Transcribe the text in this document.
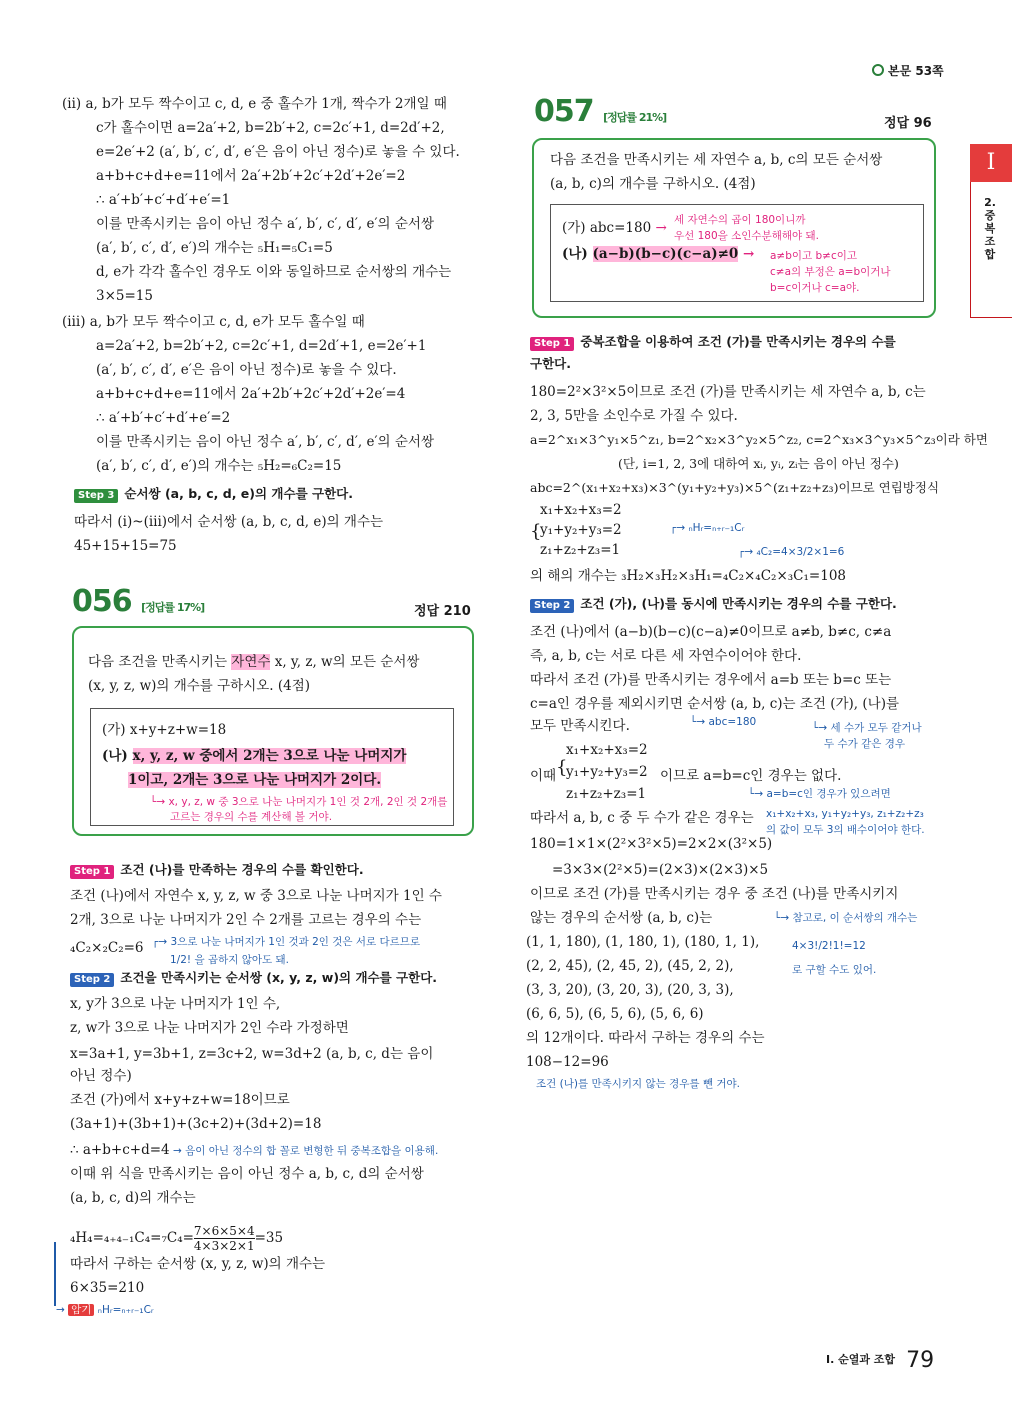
본문 53쪽
I
2.
중
복
조
합
(ⅱ) a, b가 모두 짝수이고 c, d, e 중 홀수가 1개, 짝수가 2개일 때
c가 홀수이면 a=2a′+2, b=2b′+2, c=2c′+1, d=2d′+2,
e=2e′+2 (a′, b′, c′, d′, e′은 음이 아닌 정수)로 놓을 수 있다.
a+b+c+d+e=11에서 2a′+2b′+2c′+2d′+2e′=2
∴ a′+b′+c′+d′+e′=1
이를 만족시키는 음이 아닌 정수 a′, b′, c′, d′, e′의 순서쌍
(a′, b′, c′, d′, e′)의 개수는 ₅H₁=₅C₁=5
d, e가 각각 홀수인 경우도 이와 동일하므로 순서쌍의 개수는
3×5=15
(ⅲ) a, b가 모두 짝수이고 c, d, e가 모두 홀수일 때
a=2a′+2, b=2b′+2, c=2c′+1, d=2d′+1, e=2e′+1
(a′, b′, c′, d′, e′은 음이 아닌 정수)로 놓을 수 있다.
a+b+c+d+e=11에서 2a′+2b′+2c′+2d′+2e′=4
∴ a′+b′+c′+d′+e′=2
이를 만족시키는 음이 아닌 정수 a′, b′, c′, d′, e′의 순서쌍
(a′, b′, c′, d′, e′)의 개수는 ₅H₂=₆C₂=15
Step 3 순서쌍 (a, b, c, d, e)의 개수를 구한다.
따라서 (ⅰ)~(ⅲ)에서 순서쌍 (a, b, c, d, e)의 개수는
45+15+15=75
056 [정답률 17%]	정답 210
다음 조건을 만족시키는 자연수 x, y, z, w의 모든 순서쌍
(x, y, z, w)의 개수를 구하시오. (4점)
(가) x+y+z+w=18
(나) x, y, z, w 중에서 2개는 3으로 나눈 나머지가
1이고, 2개는 3으로 나눈 나머지가 2이다.
└→ x, y, z, w 중 3으로 나눈 나머지가 1인 것 2개, 2인 것 2개를
고르는 경우의 수를 계산해 볼 거야.
Step 1 조건 (나)를 만족하는 경우의 수를 확인한다.
조건 (나)에서 자연수 x, y, z, w 중 3으로 나눈 나머지가 1인 수
2개, 3으로 나눈 나머지가 2인 수 2개를 고르는 경우의 수는
₄C₂×₂C₂=6 ┌→ 3으로 나눈 나머지가 1인 것과 2인 것은 서로 다르므로
1/2! 을 곱하지 않아도 돼.
Step 2 조건을 만족시키는 순서쌍 (x, y, z, w)의 개수를 구한다.
x, y가 3으로 나눈 나머지가 1인 수,
z, w가 3으로 나눈 나머지가 2인 수라 가정하면
x=3a+1, y=3b+1, z=3c+2, w=3d+2 (a, b, c, d는 음이
아닌 정수)
조건 (가)에서 x+y+z+w=18이므로
(3a+1)+(3b+1)+(3c+2)+(3d+2)=18
∴ a+b+c+d=4 → 음이 아닌 정수의 합 꼴로 변형한 뒤 중복조합을 이용해.
이때 위 식을 만족시키는 음이 아닌 정수 a, b, c, d의 순서쌍
(a, b, c, d)의 개수는
$_4H_4=_{4+4-1}C_4=_7C_4= \frac{7\times 6\times 5\times 4}{4\times 3\times 2\times 1} =35$
따라서 구하는 순서쌍 (x, y, z, w)의 개수는
6×35=210
→ 암기 ₙHᵣ=ₙ₊ᵣ₋₁Cᵣ
057 [정답률 21%]	정답 96
다음 조건을 만족시키는 세 자연수 a, b, c의 모든 순서쌍
(a, b, c)의 개수를 구하시오. (4점)
(가) abc=180 → 세 자연수의 곱이 180이니까
우선 180을 소인수분해해야 돼.
(나) (a−b)(b−c)(c−a)≠0 → a≠b이고 b≠c이고
c≠a의 부정은 a=b이거나
b=c이거나 c=a야.
Step 1 중복조합을 이용하여 조건 (가)를 만족시키는 경우의 수를
구한다.
180=2²×3²×5이므로 조건 (가)를 만족시키는 세 자연수 a, b, c는
2, 3, 5만을 소인수로 가질 수 있다.
a=2^x₁×3^y₁×5^z₁, b=2^x₂×3^y₂×5^z₂, c=2^x₃×3^y₃×5^z₃이라 하면
(단, i=1, 2, 3에 대하여 xᵢ, yᵢ, zᵢ는 음이 아닌 정수)
abc=2^(x₁+x₂+x₃)×3^(y₁+y₂+y₃)×5^(z₁+z₂+z₃)이므로 연립방정식
{
x₁+x₂+x₃=2
y₁+y₂+y₃=2
z₁+z₂+z₃=1
┌→ ₙHᵣ=ₙ₊ᵣ₋₁Cᵣ
┌→ ₄C₂=4×3/2×1=6
의 해의 개수는 ₃H₂×₃H₂×₃H₁=₄C₂×₄C₂×₃C₁=108
Step 2 조건 (가), (나)를 동시에 만족시키는 경우의 수를 구한다.
조건 (나)에서 (a−b)(b−c)(c−a)≠0이므로 a≠b, b≠c, c≠a
즉, a, b, c는 서로 다른 세 자연수이어야 한다.
따라서 조건 (가)를 만족시키는 경우에서 a=b 또는 b=c 또는
c=a인 경우를 제외시키면 순서쌍 (a, b, c)는 조건 (가), (나)를
└→ abc=180	└→ 세 수가 모두 같거나
두 수가 같은 경우
모두 만족시킨다.
이때 {
x₁+x₂+x₃=2
y₁+y₂+y₃=2
z₁+z₂+z₃=1
이므로 a=b=c인 경우는 없다.
└→ a=b=c인 경우가 있으려면
따라서 a, b, c 중 두 수가 같은 경우는 x₁+x₂+x₃, y₁+y₂+y₃, z₁+z₂+z₃
의 값이 모두 3의 배수이어야 한다.
180=1×1×(2²×3²×5)=2×2×(3²×5)
=3×3×(2²×5)=(2×3)×(2×3)×5
이므로 조건 (가)를 만족시키는 경우 중 조건 (나)를 만족시키지
않는 경우의 순서쌍 (a, b, c)는	└→ 참고로, 이 순서쌍의 개수는
(1, 1, 180), (1, 180, 1), (180, 1, 1),
(2, 2, 45), (2, 45, 2), (45, 2, 2),
(3, 3, 20), (3, 20, 3), (20, 3, 3),
(6, 6, 5), (6, 5, 6), (5, 6, 6)
4×3!/2!1!=12
로 구할 수도 있어.
의 12개이다. 따라서 구하는 경우의 수는
108−12=96
조건 (나)를 만족시키지 않는 경우를 뺀 거야.
$^{Ⅰ. 순열과 조합}$ 79
